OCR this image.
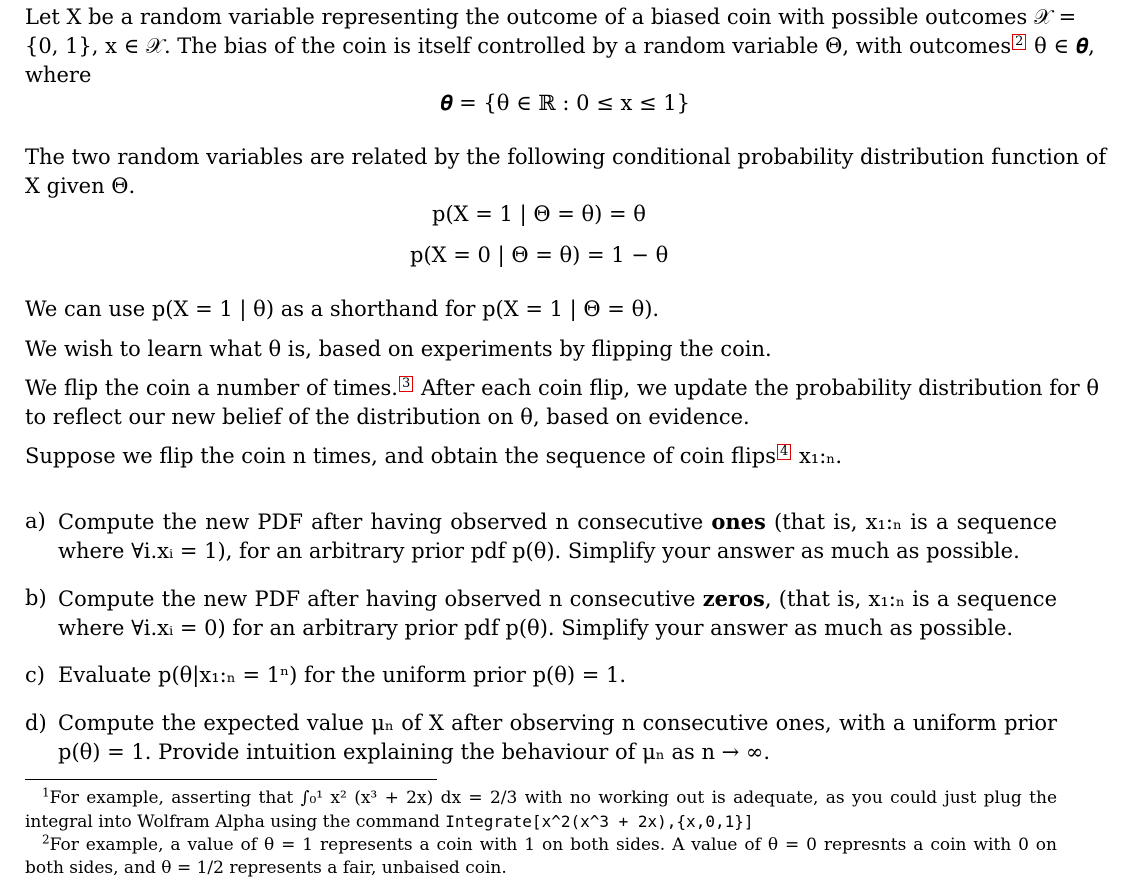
Let X be a random variable representing the outcome of a biased coin with possible outcomes 𝒳 =
{0, 1}, x ∈ 𝒳. The bias of the coin is itself controlled by a random variable Θ, with outcomes 2 θ ∈ 𝜽,
where
𝜽 = {θ ∈ ℝ : 0 ≤ x ≤ 1}
The two random variables are related by the following conditional probability distribution function of
X given Θ.
p(X = 1 | Θ = θ) = θ
p(X = 0 | Θ = θ) = 1 − θ
We can use p(X = 1 | θ) as a shorthand for p(X = 1 | Θ = θ).
We wish to learn what θ is, based on experiments by flipping the coin.
We flip the coin a number of times. 3 After each coin flip, we update the probability distribution for θ
to reflect our new belief of the distribution on θ, based on evidence.
Suppose we flip the coin n times, and obtain the sequence of coin flips 4 x₁:ₙ.
a) Compute the new PDF after having observed n consecutive ones (that is, x₁:ₙ is a sequence where ∀i.xᵢ = 1), for an arbitrary prior pdf p(θ). Simplify your answer as much as possible.
b) Compute the new PDF after having observed n consecutive zeros, (that is, x₁:ₙ is a sequence where ∀i.xᵢ = 0) for an arbitrary prior pdf p(θ). Simplify your answer as much as possible.
c) Evaluate p(θ|x₁:ₙ = 1ⁿ) for the uniform prior p(θ) = 1.
d) Compute the expected value μₙ of X after observing n consecutive ones, with a uniform prior p(θ) = 1. Provide intuition explaining the behaviour of μₙ as n → ∞.
$^1$For example, asserting that ∫₀¹ x² (x³ + 2x) dx = 2/3 with no working out is adequate, as you could just plug the integral into Wolfram Alpha using the command Integrate[x^2(x^3 + 2x),{x,0,1}]
$^2$For example, a value of θ = 1 represents a coin with 1 on both sides. A value of θ = 0 represnts a coin with 0 on both sides, and θ = 1/2 represents a fair, unbaised coin.
